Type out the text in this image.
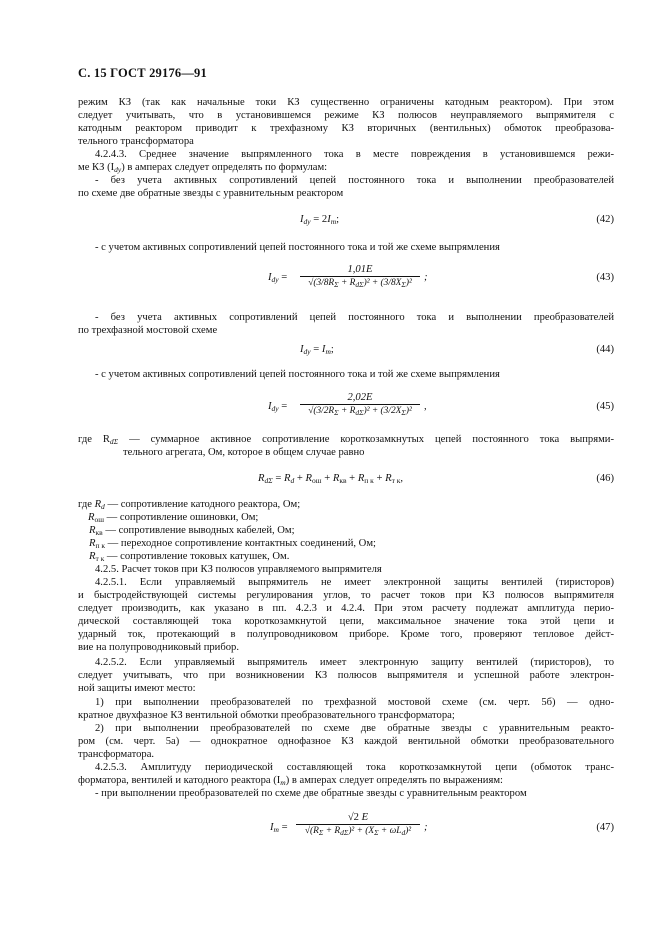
С. 15 ГОСТ 29176—91
режим КЗ (так как начальные токи КЗ существенно ограничены катодным реактором). При этом
следует учитывать, что в установившемся режиме КЗ полюсов неуправляемого выпрямителя с
катодным реактором приводит к трехфазному КЗ вторичных (вентильных) обмоток преобразова-
тельного трансформатора
4.2.4.3. Среднее значение выпрямленного тока в месте повреждения в установившемся режи-
ме КЗ $(I_{dy})$ в амперах следует определять по формулам:
- без учета активных сопротивлений цепей постоянного тока и выполнении преобразователей
по схеме две обратные звезды с уравнительным реактором
$I_{dy} = 2I_m$;	(42)
- с учетом активных сопротивлений цепей постоянного тока и той же схеме выпрямления
$I_{dy}$ =
1,01E
$√(3/8R_\Sigma + R_{d\Sigma})^2 + (3/8X_\Sigma)^2$	;	(43)
- без учета активных сопротивлений цепей постоянного тока и выполнении преобразователей
по трехфазной мостовой схеме
$I_{dy} = I_m$;	(44)
- с учетом активных сопротивлений цепей постоянного тока и той же схеме выпрямления
$I_{dy}$ =
2,02E
$√(3/2R_\Sigma + R_{d\Sigma})^2 + (3/2X_\Sigma)^2$	,	(45)
где $R_{d\Sigma}$ — суммарное активное сопротивление короткозамкнутых цепей постоянного тока выпрями-
тельного агрегата, Ом, которое в общем случае равно
$R_{d\Sigma} = R_d + R_{ош} + R_{кв} + R_{п к} + R_{т к}$,	(46)
где $R_d$ — сопротивление катодного реактора, Ом;
$R_{ош}$ — сопротивление ошиновки, Ом;
$R_{кв}$ — сопротивление выводных кабелей, Ом;
$R_{п к}$ — переходное сопротивление контактных соединений, Ом;
$R_{т к}$ — сопротивление токовых катушек, Ом.
4.2.5. Расчет токов при КЗ полюсов управляемого выпрямителя
4.2.5.1. Если управляемый выпрямитель не имеет электронной защиты вентилей (тиристоров)
и быстродействующей системы регулирования углов, то расчет токов при КЗ полюсов выпрямителя
следует производить, как указано в пп. 4.2.3 и 4.2.4. При этом расчету подлежат амплитуда перио-
дической составляющей тока короткозамкнутой цепи, максимальное значение тока этой цепи и
ударный ток, протекающий в полупроводниковом приборе. Кроме того, проверяют тепловое дейст-
вие на полупроводниковый прибор.
4.2.5.2. Если управляемый выпрямитель имеет электронную защиту вентилей (тиристоров), то
следует учитывать, что при возникновении КЗ полюсов выпрямителя и успешной работе электрон-
ной защиты имеют место:
1) при выполнении преобразователей по трехфазной мостовой схеме (см. черт. 5б) — одно-
кратное двухфазное КЗ вентильной обмотки преобразовательного трансформатора;
2) при выполнении преобразователей по схеме две обратные звезды с уравнительным реакто-
ром (см. черт. 5а) — однократное однофазное КЗ каждой вентильной обмотки преобразовательного
трансформатора.
4.2.5.3. Амплитуду периодической составляющей тока короткозамкнутой цепи (обмоток транс-
форматора, вентилей и катодного реактора $(I_m)$ в амперах следует определять по выражениям:
- при выполнении преобразователей по схеме две обратные звезды с уравнительным реактором
$I_m$ =
√2 E
$√(R_\Sigma + R_{d\Sigma})^2 + (X_\Sigma + \omega L_d)^2$	;	(47)
